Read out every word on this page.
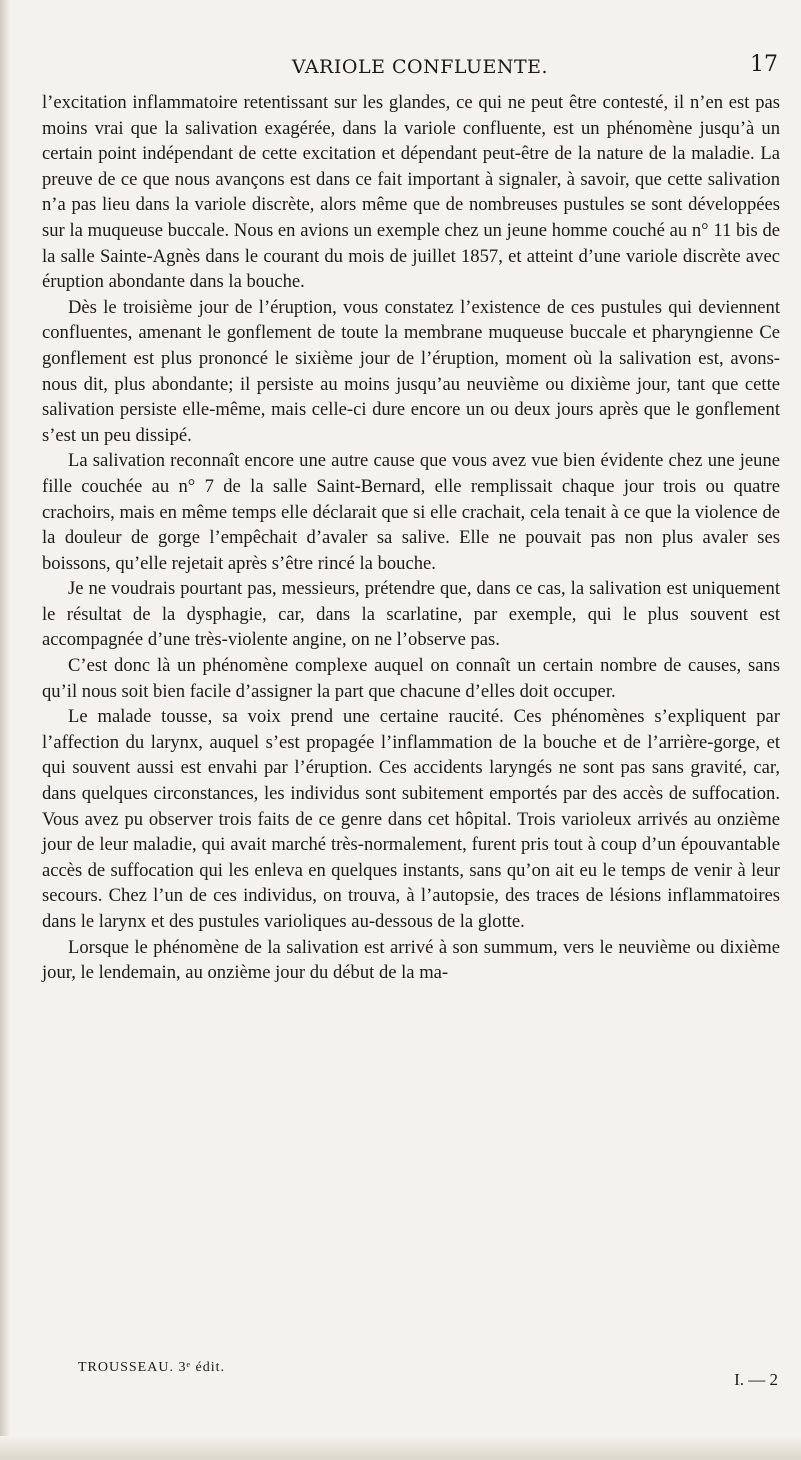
VARIOLE CONFLUENTE.	17

l’excitation inflammatoire retentissant sur les glandes, ce qui ne peut être contesté, il n’en est pas moins vrai que la salivation exagérée, dans la variole confluente, est un phénomène jusqu’à un certain point indépendant de cette excitation et dépendant peut-être de la nature de la maladie. La preuve de ce que nous avançons est dans ce fait important à signaler, à savoir, que cette salivation n’a pas lieu dans la variole discrète, alors même que de nombreuses pustules se sont développées sur la muqueuse buccale. Nous en avions un exemple chez un jeune homme couché au n° 11 bis de la salle Sainte-Agnès dans le courant du mois de juillet 1857, et atteint d’une variole discrète avec éruption abondante dans la bouche.

Dès le troisième jour de l’éruption, vous constatez l’existence de ces pustules qui deviennent confluentes, amenant le gonflement de toute la membrane muqueuse buccale et pharyngienne Ce gonflement est plus prononcé le sixième jour de l’éruption, moment où la salivation est, avons-nous dit, plus abondante; il persiste au moins jusqu’au neuvième ou dixième jour, tant que cette salivation persiste elle-même, mais celle-ci dure encore un ou deux jours après que le gonflement s’est un peu dissipé.

La salivation reconnaît encore une autre cause que vous avez vue bien évidente chez une jeune fille couchée au n° 7 de la salle Saint-Bernard, elle remplissait chaque jour trois ou quatre crachoirs, mais en même temps elle déclarait que si elle crachait, cela tenait à ce que la violence de la douleur de gorge l’empêchait d’avaler sa salive. Elle ne pouvait pas non plus avaler ses boissons, qu’elle rejetait après s’être rincé la bouche.

Je ne voudrais pourtant pas, messieurs, prétendre que, dans ce cas, la salivation est uniquement le résultat de la dysphagie, car, dans la scarlatine, par exemple, qui le plus souvent est accompagnée d’une très-violente angine, on ne l’observe pas.

C’est donc là un phénomène complexe auquel on connaît un certain nombre de causes, sans qu’il nous soit bien facile d’assigner la part que chacune d’elles doit occuper.

Le malade tousse, sa voix prend une certaine raucité. Ces phénomènes s’expliquent par l’affection du larynx, auquel s’est propagée l’inflammation de la bouche et de l’arrière-gorge, et qui souvent aussi est envahi par l’éruption. Ces accidents laryngés ne sont pas sans gravité, car, dans quelques circonstances, les individus sont subitement emportés par des accès de suffocation. Vous avez pu observer trois faits de ce genre dans cet hôpital. Trois varioleux arrivés au onzième jour de leur maladie, qui avait marché très-normalement, furent pris tout à coup d’un épouvantable accès de suffocation qui les enleva en quelques instants, sans qu’on ait eu le temps de venir à leur secours. Chez l’un de ces individus, on trouva, à l’autopsie, des traces de lésions inflammatoires dans le larynx et des pustules varioliques au-dessous de la glotte.

Lorsque le phénomène de la salivation est arrivé à son summum, vers le neuvième ou dixième jour, le lendemain, au onzième jour du début de la ma-

TROUSSEAU. 3ᵉ édit.
I. — 2
